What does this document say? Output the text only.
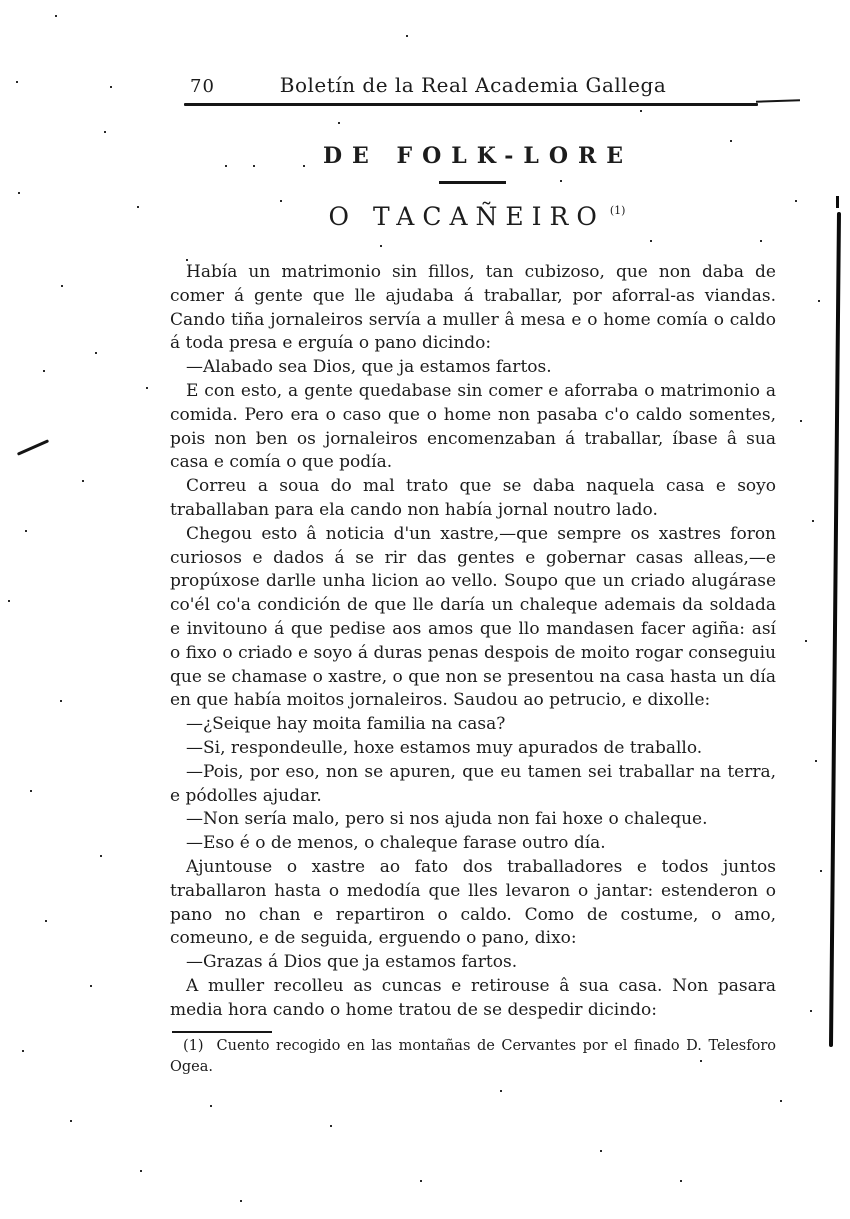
70	Boletín de la Real Academia Gallega
DE FOLK-LORE
O TACAÑEIRO $^{(1)}$

Había un matrimonio sin fillos, tan cubizoso, que non daba de comer á gente que lle ajudaba á traballar, por aforral-as viandas. Cando tiña jornaleiros servía a muller â mesa e o home comía o caldo á toda presa e erguía o pano dicindo:

—Alabado sea Dios, que ja estamos fartos.

E con esto, a gente quedabase sin comer e aforraba o matrimonio a comida. Pero era o caso que o home non pasaba c'o caldo somentes, pois non ben os jornaleiros encomenzaban á traballar, íbase â sua casa e comía o que podía.

Correu a soua do mal trato que se daba naquela casa e soyo traballaban para ela cando non había jornal noutro lado.

Chegou esto â noticia d'un xastre,—que sempre os xastres foron curiosos e dados á se rir das gentes e gobernar casas alleas,—e propúxose darlle unha licion ao vello. Soupo que un criado alugárase co'él co'a condición de que lle daría un chaleque ademais da soldada e invitouno á que pedise aos amos que llo mandasen facer agiña: así o fixo o criado e soyo á duras penas despois de moito rogar conseguiu que se chamase o xastre, o que non se presentou na casa hasta un día en que había moitos jornaleiros. Saudou ao petrucio, e dixolle:

—¿Seique hay moita familia na casa?

—Si, respondeulle, hoxe estamos muy apurados de traballo.

—Pois, por eso, non se apuren, que eu tamen sei traballar na terra, e pódolles ajudar.

—Non sería malo, pero si nos ajuda non fai hoxe o chaleque.

—Eso é o de menos, o chaleque farase outro día.

Ajuntouse o xastre ao fato dos traballadores e todos juntos traballaron hasta o medodía que lles levaron o jantar: estenderon o pano no chan e repartiron o caldo. Como de costume, o amo, comeuno, e de seguida, erguendo o pano, dixo:

—Grazas á Dios que ja estamos fartos.

A muller recolleu as cuncas e retirouse â sua casa. Non pasara media hora cando o home tratou de se despedir dicindo:

(1) Cuento recogido en las montañas de Cervantes por el finado D. Telesforo Ogea.
